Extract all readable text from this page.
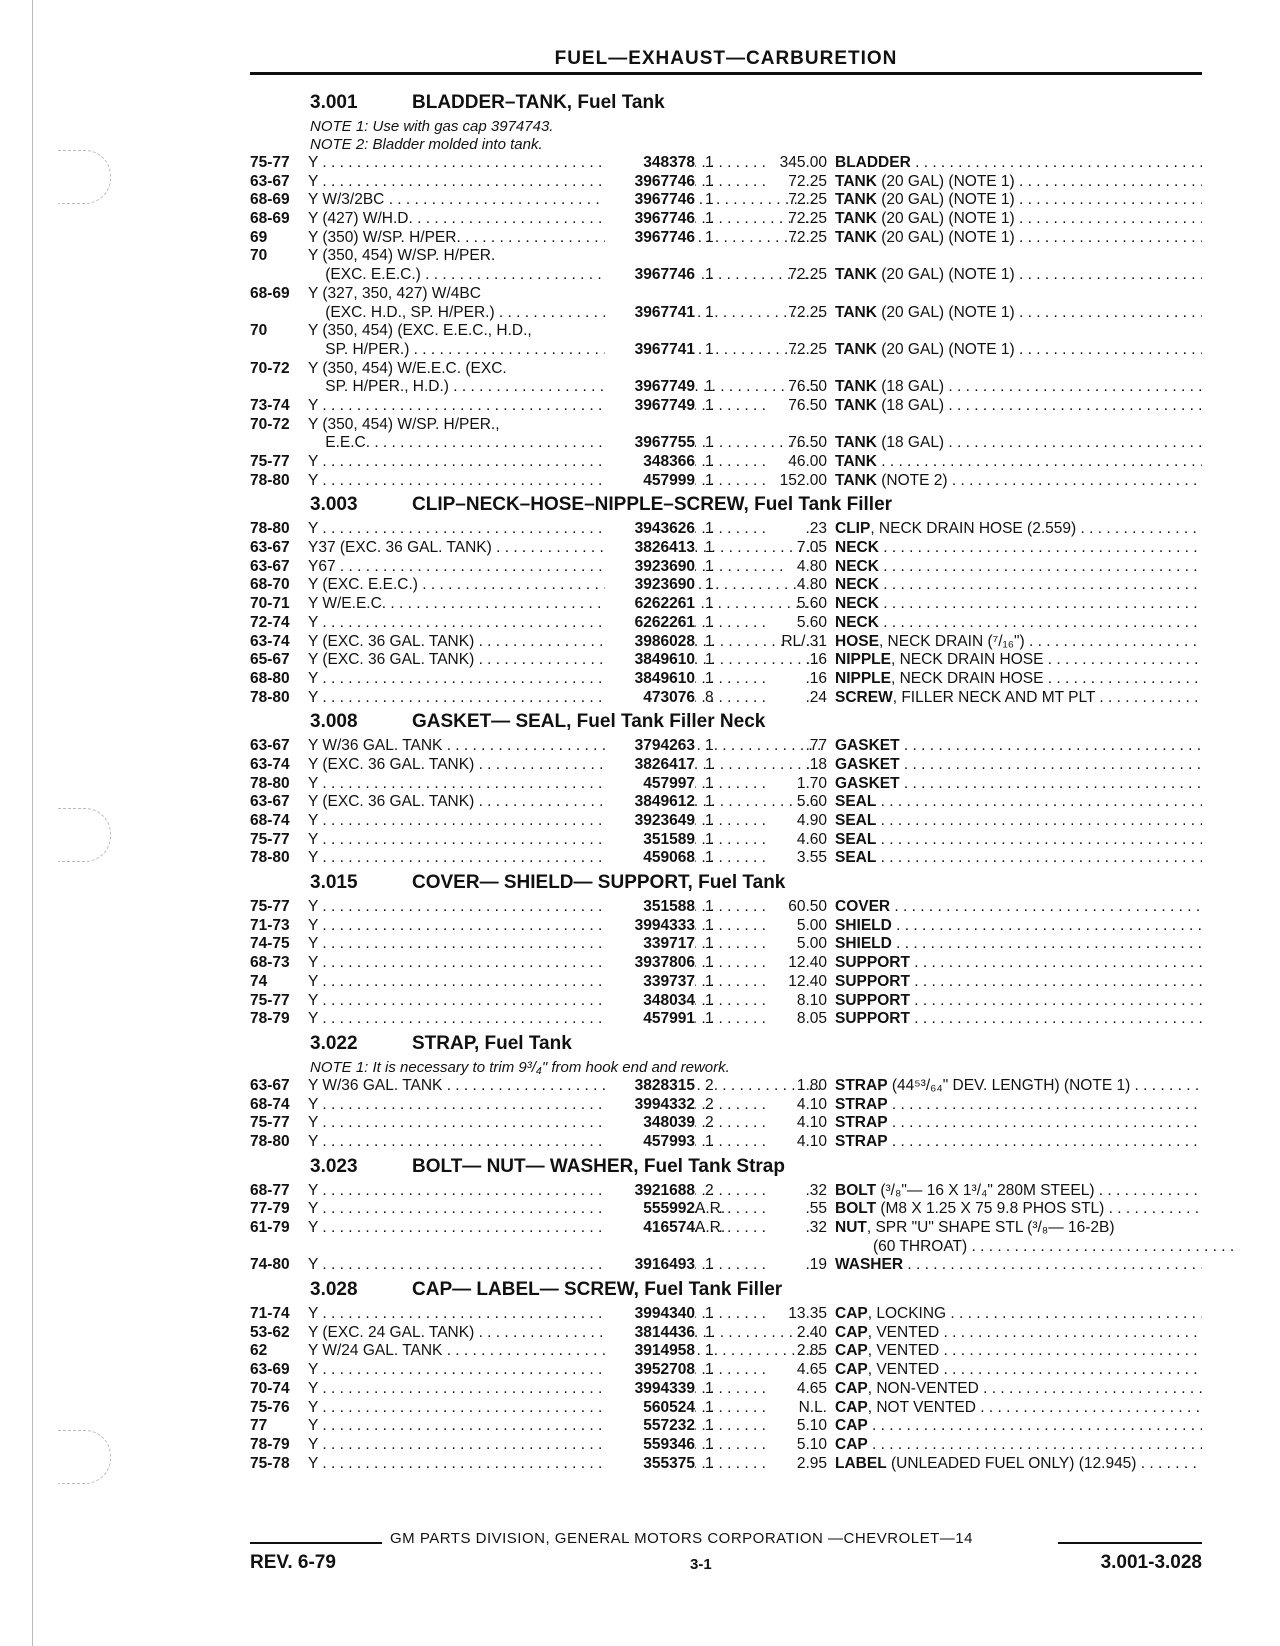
FUEL—EXHAUST—CARBURETION
3.001	BLADDER–TANK, Fuel Tank
NOTE 1: Use with gas cap 3974743.
NOTE 2: Bladder molded into tank.
75-77	Y . . .	348378 1	345.00 BLADDER . . .
63-67	Y . . .	3967746 1	72.25 TANK (20 GAL) (NOTE 1) . . .
68-69	Y W/3/2BC . . .	3967746 1	72.25 TANK (20 GAL) (NOTE 1) . . .
68-69	Y (427) W/H.D. . . .	3967746 1	72.25 TANK (20 GAL) (NOTE 1) . . .
69	Y (350) W/SP. H/PER. . . .	3967746 1	72.25 TANK (20 GAL) (NOTE 1) . . .
70	Y (350, 454) W/SP. H/PER.
(EXC. E.E.C.) . . .	3967746 1	72.25 TANK (20 GAL) (NOTE 1) . . .
68-69	Y (327, 350, 427) W/4BC
(EXC. H.D., SP. H/PER.) . . .	3967741 1	72.25 TANK (20 GAL) (NOTE 1) . . .
70	Y (350, 454) (EXC. E.E.C., H.D.,
SP. H/PER.) . . .	3967741 1	72.25 TANK (20 GAL) (NOTE 1) . . .
70-72	Y (350, 454) W/E.E.C. (EXC.
SP. H/PER., H.D.) . . .	3967749 1	76.50 TANK (18 GAL) . . .
73-74	Y . . .	3967749 1	76.50 TANK (18 GAL) . . .
70-72	Y (350, 454) W/SP. H/PER.,
E.E.C. . . .	3967755 1	76.50 TANK (18 GAL) . . .
75-77	Y . . .	348366 1	46.00 TANK . . .
78-80	Y . . .	457999 1	152.00 TANK (NOTE 2) . . .
3.003	CLIP–NECK–HOSE–NIPPLE–SCREW, Fuel Tank Filler
78-80	Y . . .	3943626 1	.23 CLIP, NECK DRAIN HOSE (2.559) . . .
63-67	Y37 (EXC. 36 GAL. TANK) . . .	3826413 1	7.05 NECK . . .
63-67	Y67 . . .	3923690 1	4.80 NECK . . .
68-70	Y (EXC. E.E.C.) . . .	3923690 1	4.80 NECK . . .
70-71	Y W/E.E.C. . . .	6262261 1	5.60 NECK . . .
72-74	Y . . .	6262261 1	5.60 NECK . . .
63-74	Y (EXC. 36 GAL. TANK) . . .	3986028 1	RL/.31 HOSE, NECK DRAIN (⁷/₁₆") . . .
65-67	Y (EXC. 36 GAL. TANK) . . .	3849610 1	.16 NIPPLE, NECK DRAIN HOSE . . .
68-80	Y . . .	3849610 1	.16 NIPPLE, NECK DRAIN HOSE . . .
78-80	Y . . .	473076 8	.24 SCREW, FILLER NECK AND MT PLT . . .
3.008	GASKET— SEAL, Fuel Tank Filler Neck
63-67	Y W/36 GAL. TANK . . .	3794263 1	.77 GASKET . . .
63-74	Y (EXC. 36 GAL. TANK) . . .	3826417 1	.18 GASKET . . .
78-80	Y . . .	457997 1	1.70 GASKET . . .
63-67	Y (EXC. 36 GAL. TANK) . . .	3849612 1	5.60 SEAL . . .
68-74	Y . . .	3923649 1	4.90 SEAL . . .
75-77	Y . . .	351589 1	4.60 SEAL . . .
78-80	Y . . .	459068 1	3.55 SEAL . . .
3.015	COVER— SHIELD— SUPPORT, Fuel Tank
75-77	Y . . .	351588 1	60.50 COVER . . .
71-73	Y . . .	3994333 1	5.00 SHIELD . . .
74-75	Y . . .	339717 1	5.00 SHIELD . . .
68-73	Y . . .	3937806 1	12.40 SUPPORT . . .
74	Y . . .	339737 1	12.40 SUPPORT . . .
75-77	Y . . .	348034 1	8.10 SUPPORT . . .
78-79	Y . . .	457991 1	8.05 SUPPORT . . .
3.022	STRAP, Fuel Tank
NOTE 1: It is necessary to trim 9³/₄" from hook end and rework.
63-67	Y W/36 GAL. TANK . . .	3828315 2	1.80 STRAP (44⁵³/₆₄" DEV. LENGTH) (NOTE 1) . . .
68-74	Y . . .	3994332 2	4.10 STRAP . . .
75-77	Y . . .	348039 2	4.10 STRAP . . .
78-80	Y . . .	457993 1	4.10 STRAP . . .
3.023	BOLT— NUT— WASHER, Fuel Tank Strap
68-77	Y . . .	3921688 2	.32 BOLT (³/₈"— 16 X 1³/₄" 280M STEEL) . . .
77-79	Y . . .	555992 A.R.	.55 BOLT (M8 X 1.25 X 75 9.8 PHOS STL) . . .
61-79	Y . . .	416574 A.R.	.32 NUT, SPR "U" SHAPE STL (³/₈— 16-2B)
(60 THROAT) . . .
74-80	Y . . .	3916493 1	.19 WASHER . . .
3.028	CAP— LABEL— SCREW, Fuel Tank Filler
71-74	Y . . .	3994340 1	13.35 CAP, LOCKING . . .
53-62	Y (EXC. 24 GAL. TANK) . . .	3814436 1	2.40 CAP, VENTED . . .
62	Y W/24 GAL. TANK . . .	3914958 1	2.85 CAP, VENTED . . .
63-69	Y . . .	3952708 1	4.65 CAP, VENTED . . .
70-74	Y . . .	3994339 1	4.65 CAP, NON-VENTED . . .
75-76	Y . . .	560524 1	N.L. CAP, NOT VENTED . . .
77	Y . . .	557232 1	5.10 CAP . . .
78-79	Y . . .	559346 1	5.10 CAP . . .
75-78	Y . . .	355375 1	2.95 LABEL (UNLEADED FUEL ONLY) (12.945) . . .
GM PARTS DIVISION, GENERAL MOTORS CORPORATION —CHEVROLET—14
REV. 6-79	3-1	3.001-3.028
